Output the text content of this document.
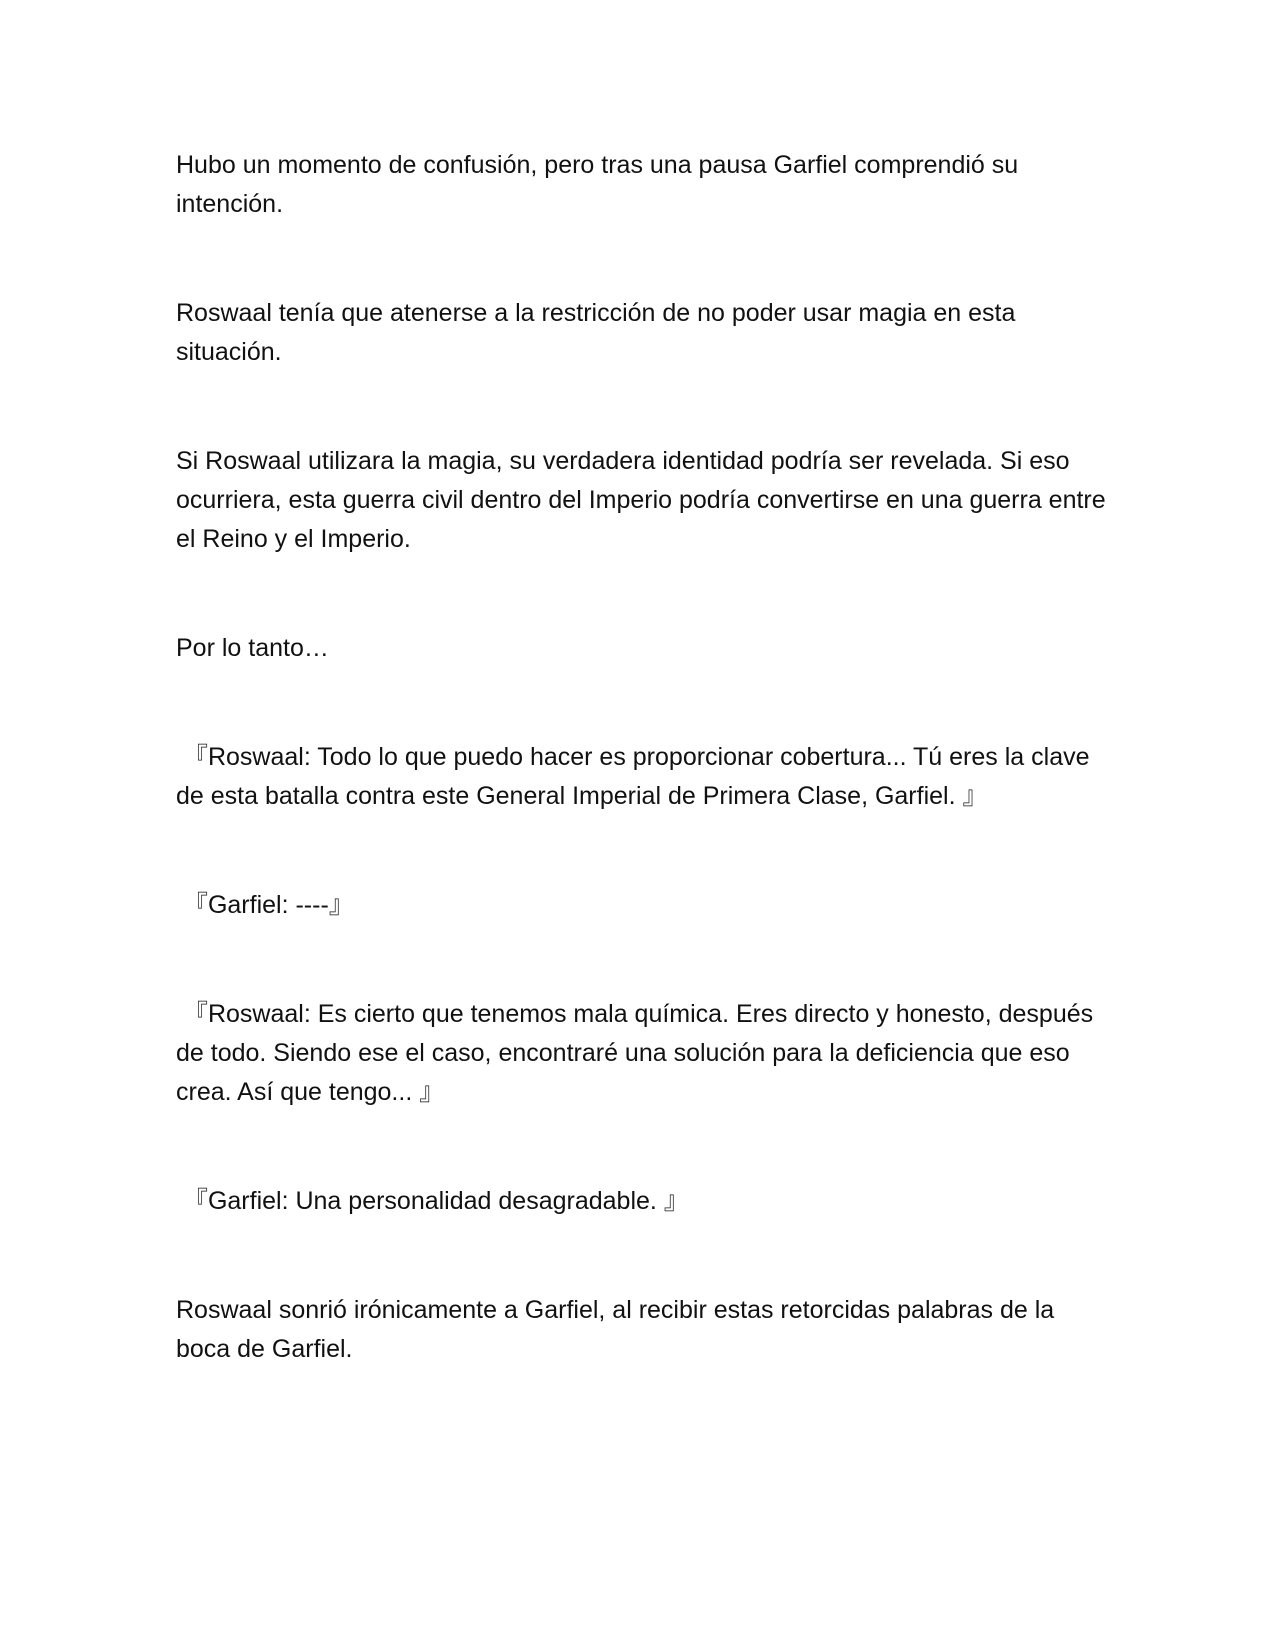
Hubo un momento de confusión, pero tras una pausa Garfiel comprendió su intención.

Roswaal tenía que atenerse a la restricción de no poder usar magia en esta situación.

Si Roswaal utilizara la magia, su verdadera identidad podría ser revelada. Si eso ocurriera, esta guerra civil dentro del Imperio podría convertirse en una guerra entre el Reino y el Imperio.

Por lo tanto…

『Roswaal: Todo lo que puedo hacer es proporcionar cobertura... Tú eres la clave de esta batalla contra este General Imperial de Primera Clase, Garfiel. 』

『Garfiel: ----』

『Roswaal: Es cierto que tenemos mala química. Eres directo y honesto, después de todo. Siendo ese el caso, encontraré una solución para la deficiencia que eso crea. Así que tengo... 』

『Garfiel: Una personalidad desagradable. 』

Roswaal sonrió irónicamente a Garfiel, al recibir estas retorcidas palabras de la boca de Garfiel.
